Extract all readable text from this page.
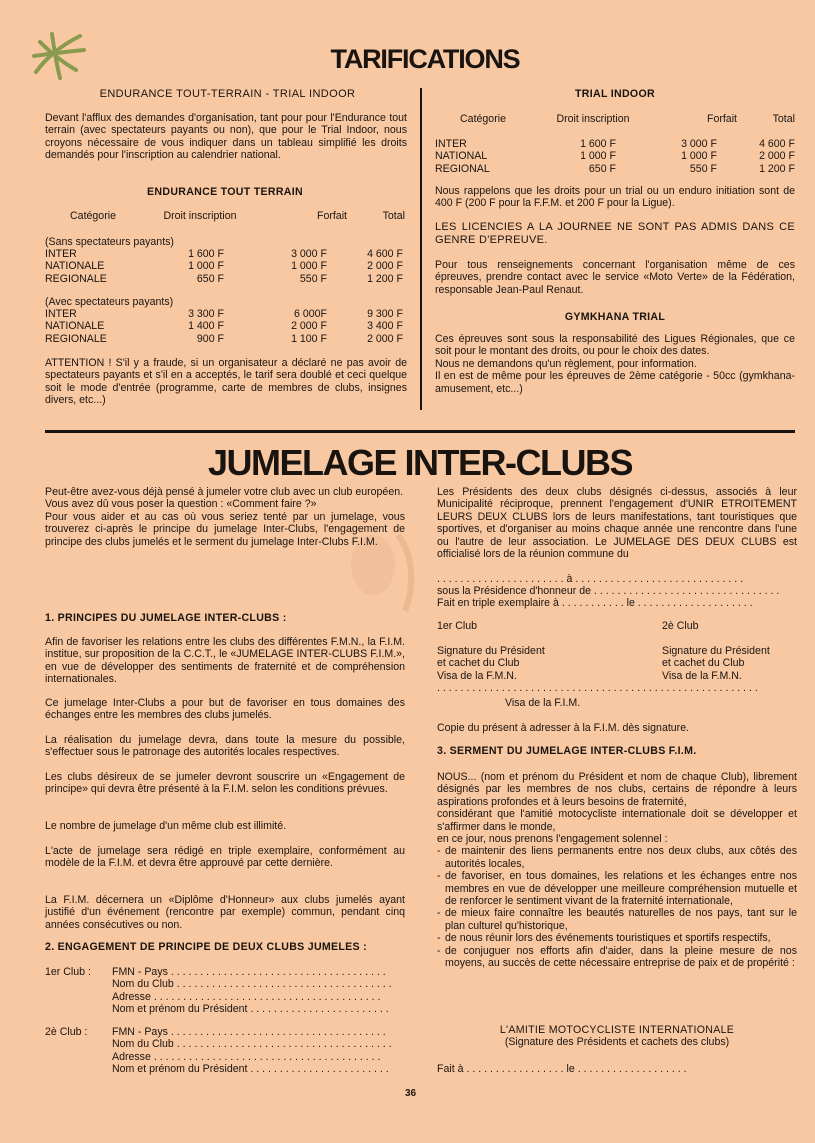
TARIFICATIONS
ENDURANCE TOUT-TERRAIN - TRIAL INDOOR

Devant l'afflux des demandes d'organisation, tant pour pour l'Endurance tout terrain (avec spectateurs payants ou non), que pour le Trial Indoor, nous croyons nécessaire de vous indiquer dans un tableau simplifié les droits demandés pour l'inscription au calendrier national.

ENDURANCE TOUT TERRAIN
Catégorie	Droit inscription	Forfait	Total
(Sans spectateurs payants)
INTER	1 600 F	3 000 F	4 600 F
NATIONALE	1 000 F	1 000 F	2 000 F
REGIONALE	650 F	550 F	1 200 F
(Avec spectateurs payants)
INTER	3 300 F	6 000F	9 300 F
NATIONALE	1 400 F	2 000 F	3 400 F
REGIONALE	900 F	1 100 F	2 000 F

ATTENTION ! S'il y a fraude, si un organisateur a déclaré ne pas avoir de spectateurs payants et s'il en a acceptés, le tarif sera doublé et ceci quelque soit le mode d'entrée (programme, carte de membres de clubs, insignes divers, etc...)

TRIAL INDOOR
Catégorie	Droit inscription	Forfait	Total
INTER	1 600 F	3 000 F	4 600 F
NATIONAL	1 000 F	1 000 F	2 000 F
REGIONAL	650 F	550 F	1 200 F

Nous rappelons que les droits pour un trial ou un enduro initiation sont de 400 F (200 F pour la F.F.M. et 200 F pour la Ligue).

LES LICENCIES A LA JOURNEE NE SONT PAS ADMIS DANS CE GENRE D'EPREUVE.

Pour tous renseignements concernant l'organisation même de ces épreuves, prendre contact avec le service «Moto Verte» de la Fédération, responsable Jean-Paul Renaut.

GYMKHANA TRIAL

Ces épreuves sont sous la responsabilité des Ligues Régionales, que ce soit pour le montant des droits, ou pour le choix des dates.

Nous ne demandons qu'un règlement, pour information.

Il en est de même pour les épreuves de 2ème catégorie - 50cc (gymkhana-amusement, etc...)

JUMELAGE INTER-CLUBS

Peut-être avez-vous déjà pensé à jumeler votre club avec un club européen.

Vous avez dû vous poser la question : «Comment faire ?»

Pour vous aider et au cas où vous seriez tenté par un jumelage, vous trouverez ci-après le principe du jumelage Inter-Clubs, l'engagement de principe des clubs jumelés et le serment du jumelage Inter-Clubs F.I.M.

1. PRINCIPES DU JUMELAGE INTER-CLUBS :

Afin de favoriser les relations entre les clubs des différentes F.M.N., la F.I.M. institue, sur proposition de la C.C.T., le «JUMELAGE INTER-CLUBS F.I.M.», en vue de développer des sentiments de fraternité et de compréhension internationales.

Ce jumelage Inter-Clubs a pour but de favoriser en tous domaines des échanges entre les membres des clubs jumelés.

La réalisation du jumelage devra, dans toute la mesure du possible, s'effectuer sous le patronage des autorités locales respectives.

Les clubs désireux de se jumeler devront souscrire un «Engagement de principe» qui devra être présenté à la F.I.M. selon les conditions prévues.

Le nombre de jumelage d'un même club est illimité.

L'acte de jumelage sera rédigé en triple exemplaire, conformément au modèle de la F.I.M. et devra être approuvé par cette dernière.

La F.I.M. décernera un «Diplôme d'Honneur» aux clubs jumelés ayant justifié d'un événement (rencontre par exemple) commun, pendant cinq années consécutives ou non.

2. ENGAGEMENT DE PRINCIPE DE DEUX CLUBS JUMELES :
1er Club : FMN - Pays . . . . . . . . . . . . . . . . . . . . . . . . . . . . . . . . . . . . .
Nom du Club . . . . . . . . . . . . . . . . . . . . . . . . . . . . . . . . . . . . .
Adresse . . . . . . . . . . . . . . . . . . . . . . . . . . . . . . . . . . . . . . .
Nom et prénom du Président . . . . . . . . . . . . . . . . . . . . . . . .
2è Club : FMN - Pays . . . . . . . . . . . . . . . . . . . . . . . . . . . . . . . . . . . . .
Nom du Club . . . . . . . . . . . . . . . . . . . . . . . . . . . . . . . . . . . . .
Adresse . . . . . . . . . . . . . . . . . . . . . . . . . . . . . . . . . . . . . . .
Nom et prénom du Président . . . . . . . . . . . . . . . . . . . . . . . .

Les Présidents des deux clubs désignés ci-dessus, associés à leur Municipalité réciproque, prennent l'engagement d'UNIR ETROITEMENT LEURS DEUX CLUBS lors de leurs manifestations, tant touristiques que sportives, et d'organiser au moins chaque année une rencontre dans l'une ou l'autre de leur association. Le JUMELAGE DES DEUX CLUBS est officialisé lors de la réunion commune du

. . . . . . . . . . . . . . . . . . . . . . à . . . . . . . . . . . . . . . . . . . . . . . . . . . . .
sous la Présidence d'honneur de . . . . . . . . . . . . . . . . . . . . . . . . . . . . . . . .
Fait en triple exemplaire à . . . . . . . . . . . le . . . . . . . . . . . . . . . . . . . .
1er Club	2è Club
Signature du Président
et cachet du Club
Visa de la F.M.N.
Signature du Président
et cachet du Club
Visa de la F.M.N.
. . . . . . . . . . . . . . . . . . . . . . . . . . . . . . . . . . . . . . . . . . . . . . . . . . . . . . .
Visa de la F.I.M.
Copie du présent à adresser à la F.I.M. dès signature.
3. SERMENT DU JUMELAGE INTER-CLUBS F.I.M.

NOUS... (nom et prénom du Président et nom de chaque Club), librement désignés par les membres de nos clubs, certains de répondre à leurs aspirations profondes et à leurs besoins de fraternité,

considérant que l'amitié motocycliste internationale doit se développer et s'affirmer dans le monde,

en ce jour, nous prenons l'engagement solennel :

- de maintenir des liens permanents entre nos deux clubs, aux côtés des autorités locales,
- de favoriser, en tous domaines, les relations et les échanges entre nos membres en vue de développer une meilleure compréhension mutuelle et de renforcer le sentiment vivant de la fraternité internationale,
- de mieux faire connaître les beautés naturelles de nos pays, tant sur le plan culturel qu'historique,
- de nous réunir lors des événements touristiques et sportifs respectifs,
- de conjuguer nos efforts afin d'aider, dans la pleine mesure de nos moyens, au succès de cette nécessaire entreprise de paix et de propérité :
L'AMITIE MOTOCYCLISTE INTERNATIONALE
(Signature des Présidents et cachets des clubs)
Fait à . . . . . . . . . . . . . . . . . le . . . . . . . . . . . . . . . . . . .
36
